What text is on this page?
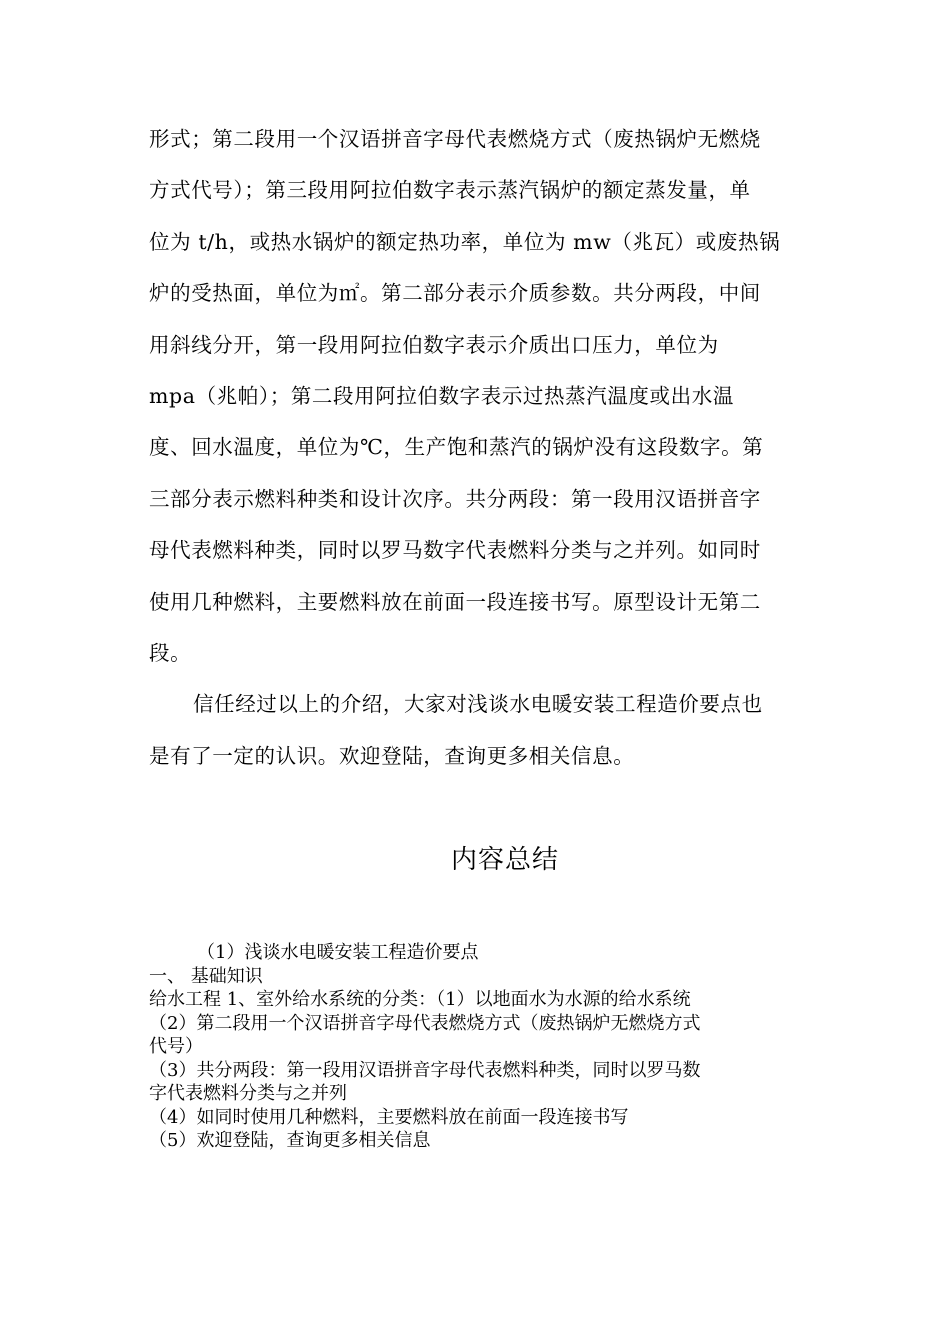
形式；第二段用一个汉语拼音字母代表燃烧方式（废热锅炉无燃烧
方式代号）；第三段用阿拉伯数字表示蒸汽锅炉的额定蒸发量，单
位为 t/h，或热水锅炉的额定热功率，单位为 mw（兆瓦）或废热锅
炉的受热面，单位为㎡。第二部分表示介质参数。共分两段，中间
用斜线分开，第一段用阿拉伯数字表示介质出口压力，单位为
mpa（兆帕）；第二段用阿拉伯数字表示过热蒸汽温度或出水温
度、回水温度，单位为℃，生产饱和蒸汽的锅炉没有这段数字。第
三部分表示燃料种类和设计次序。共分两段：第一段用汉语拼音字
母代表燃料种类，同时以罗马数字代表燃料分类与之并列。如同时
使用几种燃料，主要燃料放在前面一段连接书写。原型设计无第二
段。
信任经过以上的介绍，大家对浅谈水电暖安装工程造价要点也
是有了一定的认识。欢迎登陆，查询更多相关信息。
内容总结
（1）浅谈水电暖安装工程造价要点
一、 基础知识
给水工程 1、室外给水系统的分类：（1）以地面水为水源的给水系统
（2）第二段用一个汉语拼音字母代表燃烧方式（废热锅炉无燃烧方式
代号）
（3）共分两段：第一段用汉语拼音字母代表燃料种类，同时以罗马数
字代表燃料分类与之并列
（4）如同时使用几种燃料，主要燃料放在前面一段连接书写
（5）欢迎登陆，查询更多相关信息
